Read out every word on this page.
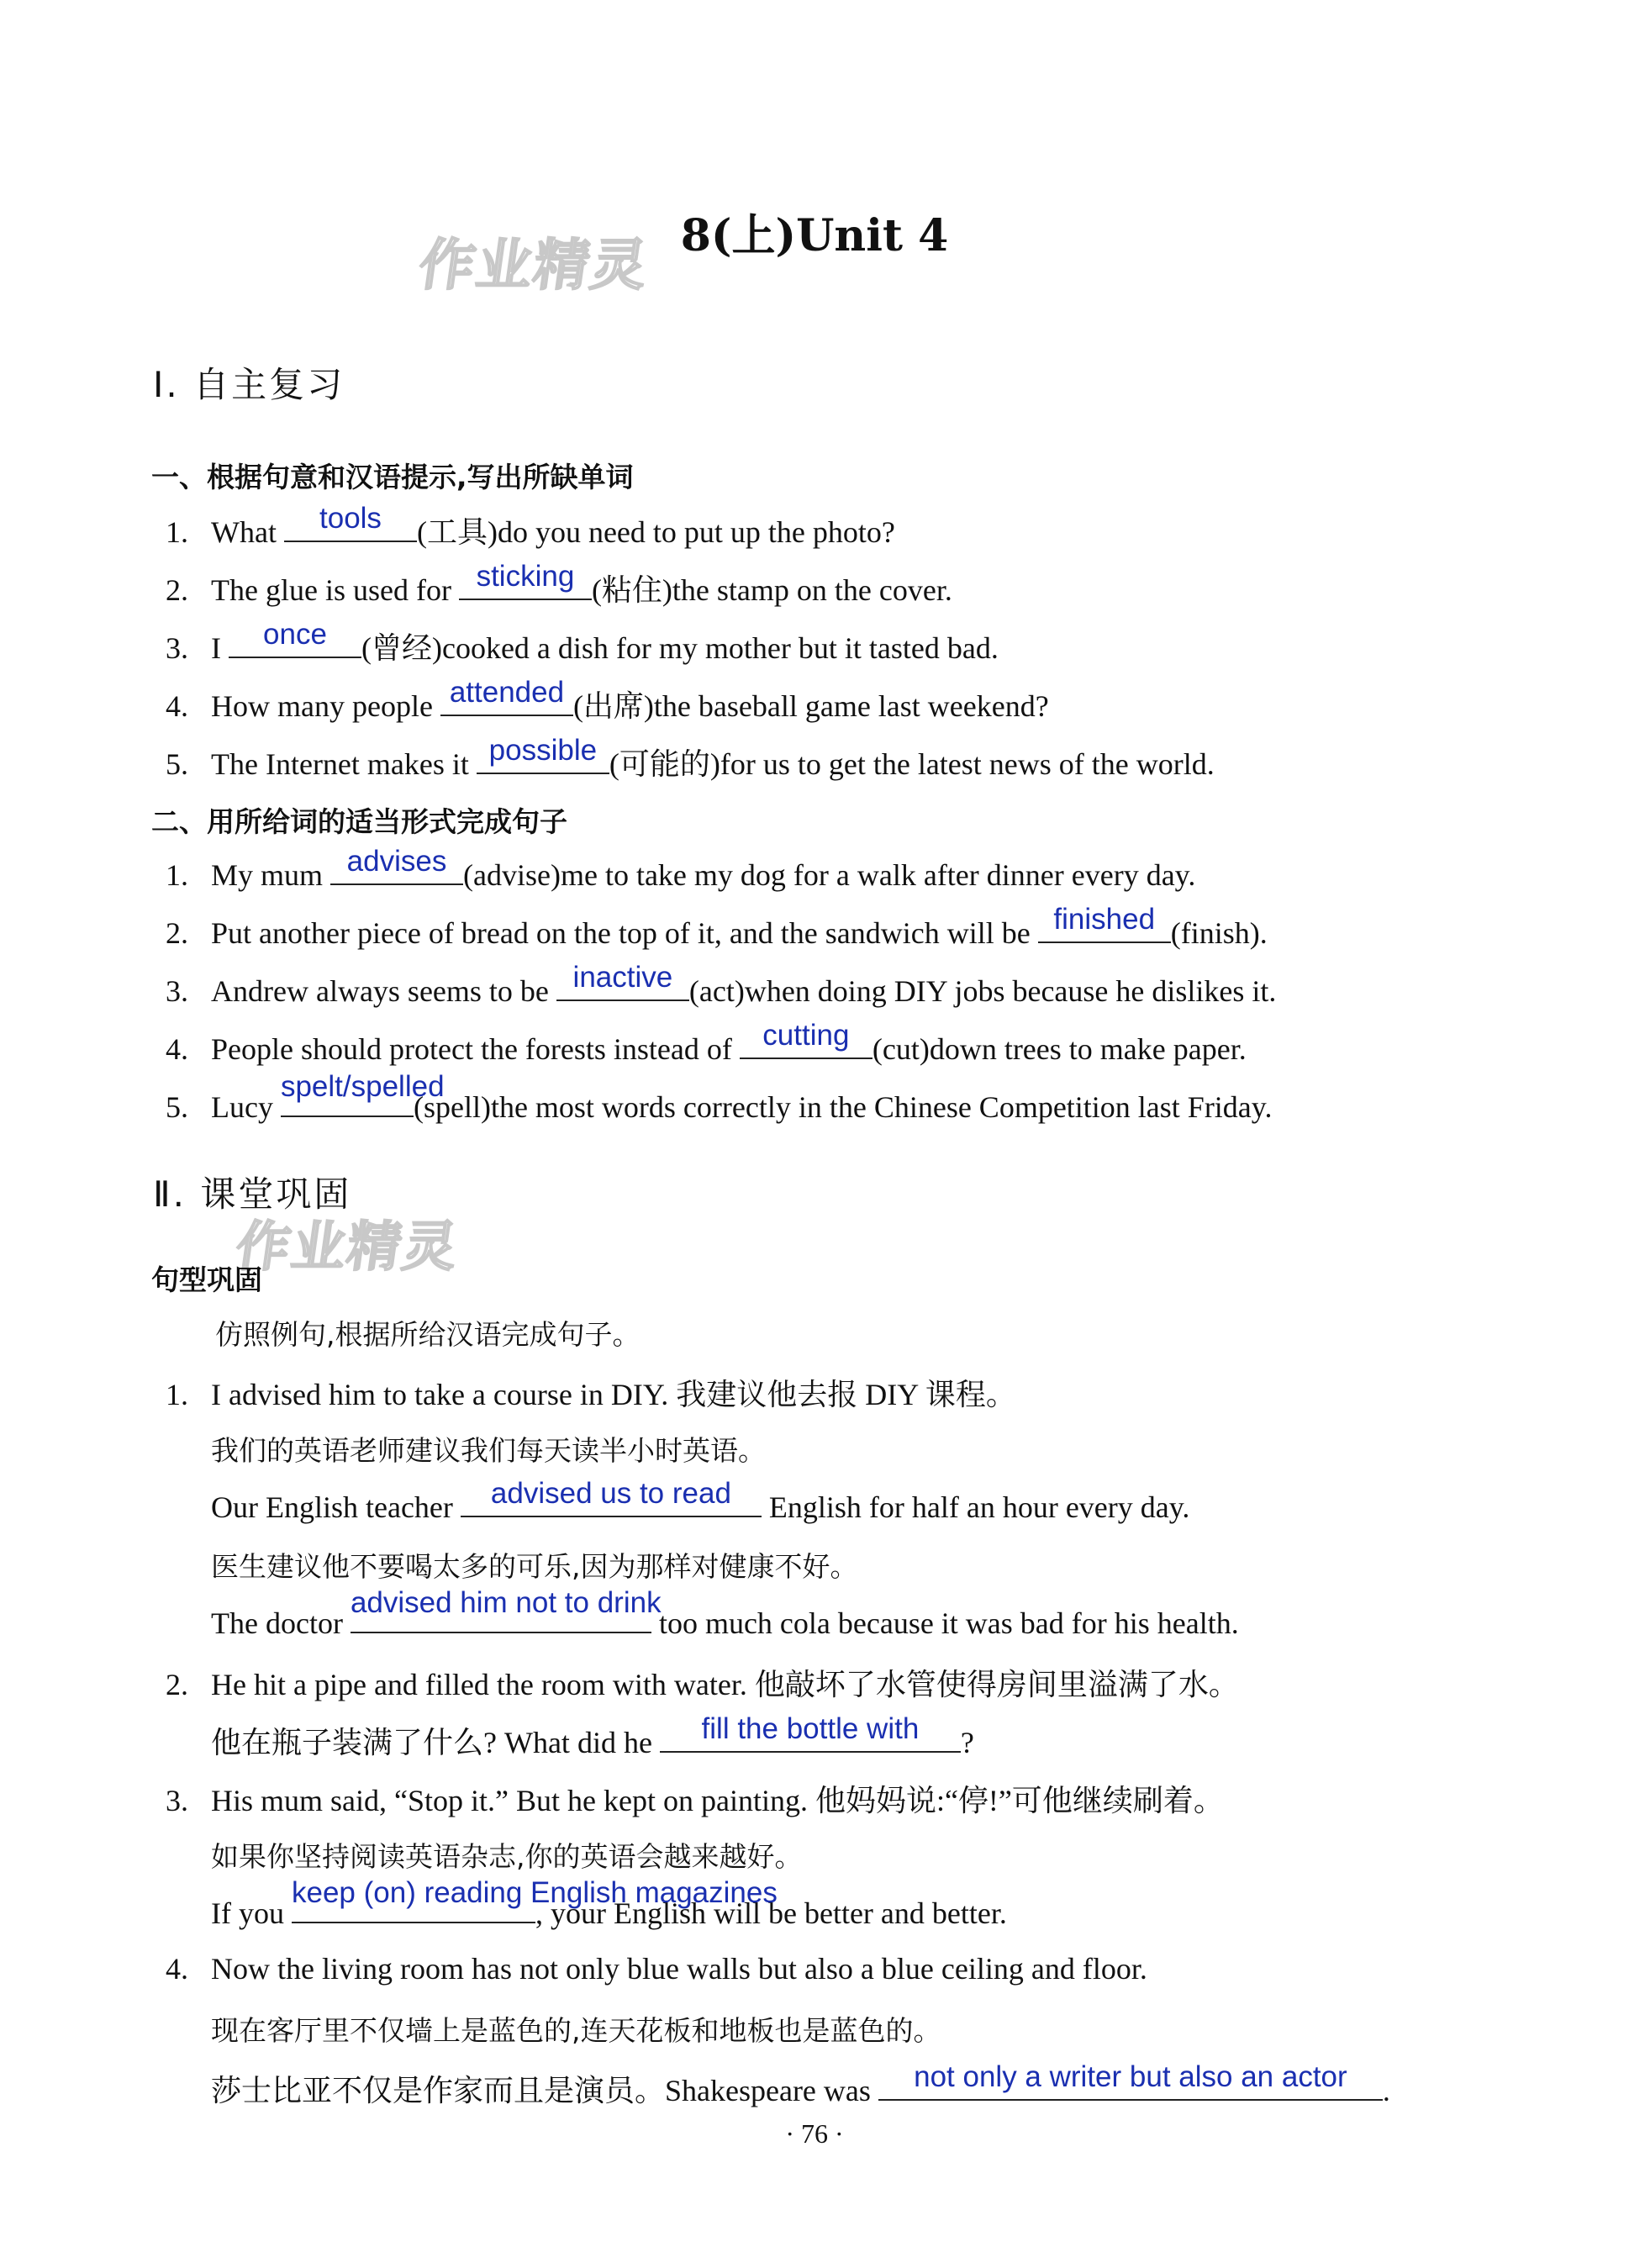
作业精灵
作业精灵
8(上)Unit 4
Ⅰ. 自主复习
一、根据句意和汉语提示,写出所缺单词
1. What	tools	(工具)do you need to put up the photo?
2. The glue is used for sticking (粘住)the stamp on the cover.
3. I	once	(曾经)cooked a dish for my mother but it tasted bad.
4. How many people attended (出席)the baseball game last weekend?
5. The Internet makes it possible (可能的)for us to get the latest news of the world.
二、用所给词的适当形式完成句子
1. My mum advises (advise)me to take my dog for a walk after dinner every day.
2. Put another piece of bread on the top of it, and the sandwich will be finished (finish).
3. Andrew always seems to be inactive (act)when doing DIY jobs because he dislikes it.
4. People should protect the forests instead of cutting (cut)down trees to make paper.
5. Lucy
spelt/spelled
(spell)the most words correctly in the Chinese Competition last Friday.
Ⅱ. 课堂巩固
句型巩固
仿照例句,根据所给汉语完成句子。
1. I advised him to take a course in DIY. 我建议他去报 DIY 课程。
我们的英语老师建议我们每天读半小时英语。
Our English teacher	advised us to read	English for half an hour every day.
医生建议他不要喝太多的可乐,因为那样对健康不好。
The doctor
advised him not to drink
too much cola because it was bad for his health.
2. He hit a pipe and filled the room with water. 他敲坏了水管使得房间里溢满了水。
他在瓶子装满了什么? What did he	fill the bottle with	?
3. His mum said, “Stop it.” But he kept on painting. 他妈妈说:“停!”可他继续刷着。
如果你坚持阅读英语杂志,你的英语会越来越好。
If you
keep (on) reading English magazines
, your English will be better and better.
4. Now the living room has not only blue walls but also a blue ceiling and floor.
现在客厅里不仅墙上是蓝色的,连天花板和地板也是蓝色的。
莎士比亚不仅是作家而且是演员。Shakespeare was	not only a writer but also an actor	.
· 76 ·
